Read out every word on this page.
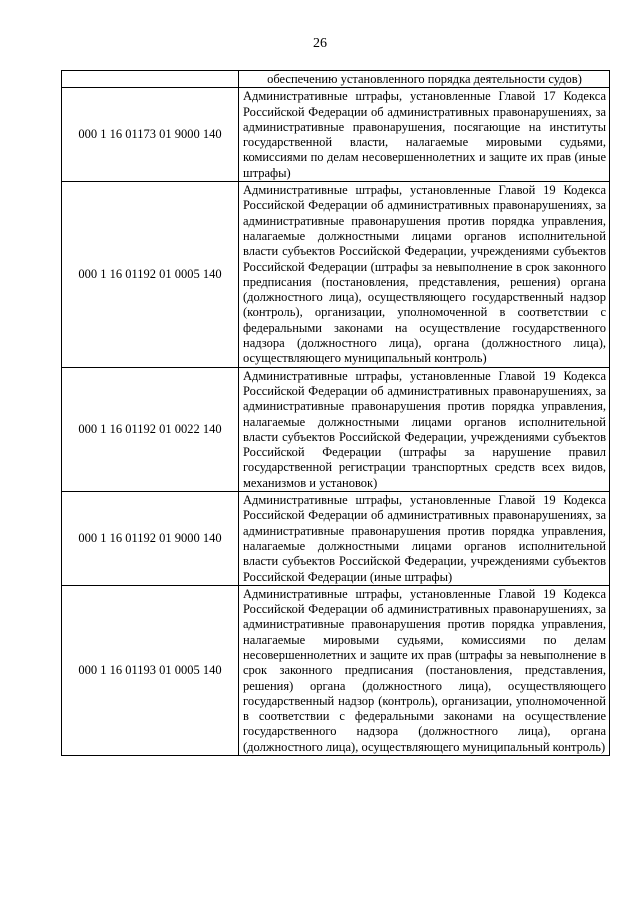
26
	обеспечению установленного порядка деятельности судов)
000 1 16 01173 01 9000 140	Административные штрафы, установленные Главой 17 Кодекса Российской Федерации об административных правонарушениях, за административные правонарушения, посягающие на институты государственной власти, налагаемые мировыми судьями, комиссиями по делам несовершеннолетних и защите их прав (иные штрафы)
000 1 16 01192 01 0005 140	Административные штрафы, установленные Главой 19 Кодекса Российской Федерации об административных правонарушениях, за административные правонарушения против порядка управления, налагаемые должностными лицами органов исполнительной власти субъектов Российской Федерации, учреждениями субъектов Российской Федерации (штрафы за невыполнение в срок законного предписания (постановления, представления, решения) органа (должностного лица), осуществляющего государственный надзор (контроль), организации, уполномоченной в соответствии с федеральными законами на осуществление государственного надзора (должностного лица), органа (должностного лица), осуществляющего муниципальный контроль)
000 1 16 01192 01 0022 140	Административные штрафы, установленные Главой 19 Кодекса Российской Федерации об административных правонарушениях, за административные правонарушения против порядка управления, налагаемые должностными лицами органов исполнительной власти субъектов Российской Федерации, учреждениями субъектов Российской Федерации (штрафы за нарушение правил государственной регистрации транспортных средств всех видов, механизмов и установок)
000 1 16 01192 01 9000 140	Административные штрафы, установленные Главой 19 Кодекса Российской Федерации об административных правонарушениях, за административные правонарушения против порядка управления, налагаемые должностными лицами органов исполнительной власти субъектов Российской Федерации, учреждениями субъектов Российской Федерации (иные штрафы)
000 1 16 01193 01 0005 140	Административные штрафы, установленные Главой 19 Кодекса Российской Федерации об административных правонарушениях, за административные правонарушения против порядка управления, налагаемые мировыми судьями, комиссиями по делам несовершеннолетних и защите их прав (штрафы за невыполнение в срок законного предписания (постановления, представления, решения) органа (должностного лица), осуществляющего государственный надзор (контроль), организации, уполномоченной в соответствии с федеральными законами на осуществление государственного надзора (должностного лица), органа (должностного лица), осуществляющего муниципальный контроль)
